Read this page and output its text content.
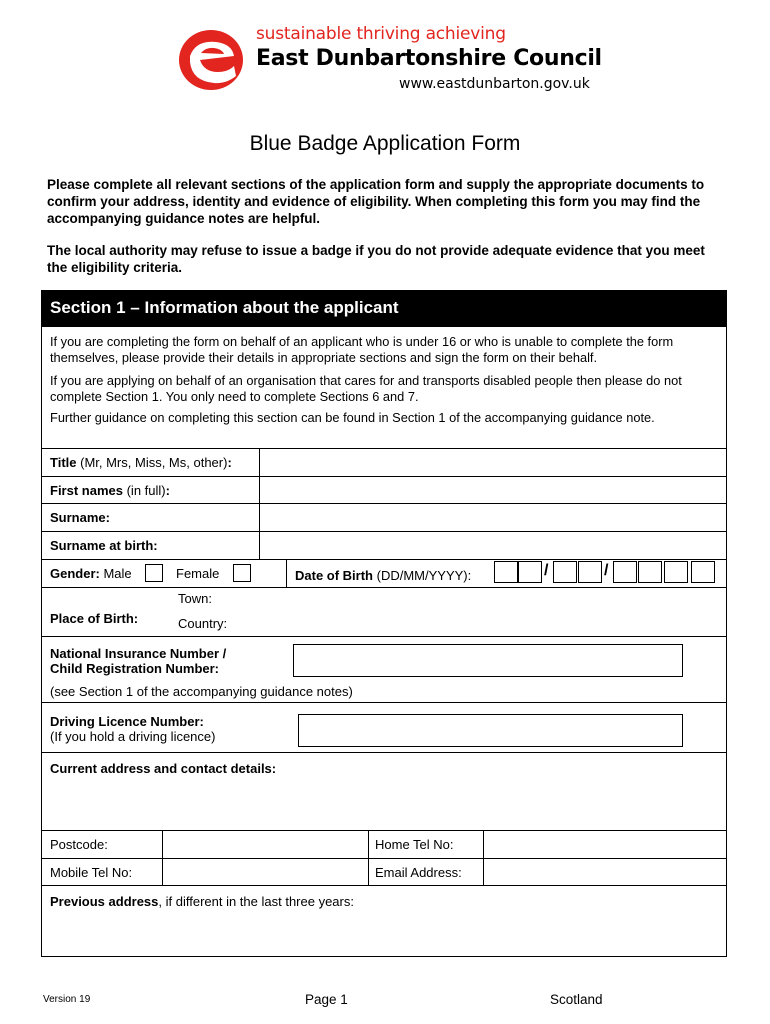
sustainable thriving achieving
East Dunbartonshire Council
www.eastdunbarton.gov.uk
Blue Badge Application Form
Please complete all relevant sections of the application form and supply the appropriate documents to confirm your address, identity and evidence of eligibility. When completing this form you may find the accompanying guidance notes are helpful.
The local authority may refuse to issue a badge if you do not provide adequate evidence that you meet the eligibility criteria.
Section 1 – Information about the applicant
If you are completing the form on behalf of an applicant who is under 16 or who is unable to complete the form themselves, please provide their details in appropriate sections and sign the form on their behalf.
If you are applying on behalf of an organisation that cares for and transports disabled people then please do not complete Section 1. You only need to complete Sections 6 and 7.
Further guidance on completing this section can be found in Section 1 of the accompanying guidance note.
Title (Mr, Mrs, Miss, Ms, other):
First names (in full):
Surname:
Surname at birth:
Gender: Male	Female	Date of Birth (DD/MM/YYYY):	/	/
Place of Birth:
Town:
Country:
National Insurance Number /
Child Registration Number:
(see Section 1 of the accompanying guidance notes)
Driving Licence Number:
(If you hold a driving licence)
Current address and contact details:
Postcode:	Home Tel No:
Mobile Tel No:	Email Address:
Previous address, if different in the last three years:
Version 19	Page 1	Scotland
